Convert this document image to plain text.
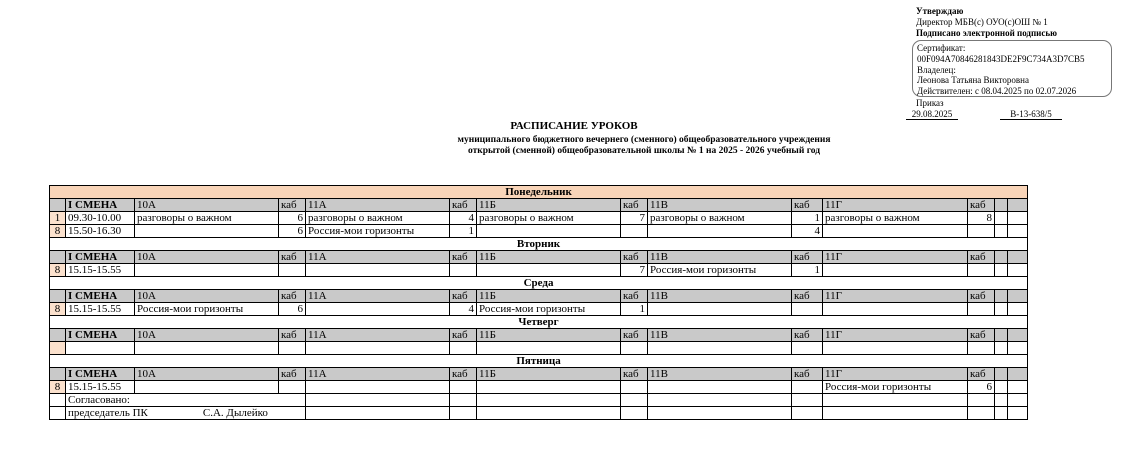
Утверждаю
Директор МБВ(с) ОУО(с)ОШ № 1
Подписано электронной подписью
Сертификат:
00F094A70846281843DE2F9C734A3D7CB5
Владелец:
Леонова Татьяна Викторовна
Действителен: с 08.04.2025 по 02.07.2026
Приказ
29.08.2025	В-13-638/5
РАСПИСАНИЕ УРОКОВ
муниципального бюджетного вечернего (сменного) общеобразовательного учреждения
открытой (сменной) общеобразовательной школы № 1 на 2025 - 2026 учебный год
Понедельник													
	I СМЕНА	10А	каб	11А	каб	11Б	каб	11В	каб	11Г	каб		
1	09.30-10.00	разговоры о важном	6	разговоры о важном	4	разговоры о важном	7	разговоры о важном	1	разговоры о важном	8		
8	15.50-16.30		6	Россия-мои горизонты	1				4				
Вторник													
	I СМЕНА	10А	каб	11А	каб	11Б	каб	11В	каб	11Г	каб		
8	15.15-15.55						7	Россия-мои горизонты	1				
Среда													
	I СМЕНА	10А	каб	11А	каб	11Б	каб	11В	каб	11Г	каб		
8	15.15-15.55	Россия-мои горизонты	6		4	Россия-мои горизонты	1						
Четверг													
	I СМЕНА	10А	каб	11А	каб	11Б	каб	11В	каб	11Г	каб		

Пятница													
	I СМЕНА	10А	каб	11А	каб	11Б	каб	11В	каб	11Г	каб		
8	15.15-15.55									Россия-мои горизонты	6		
	Согласовано:												
	председатель ПК С.А. Дылейко												
